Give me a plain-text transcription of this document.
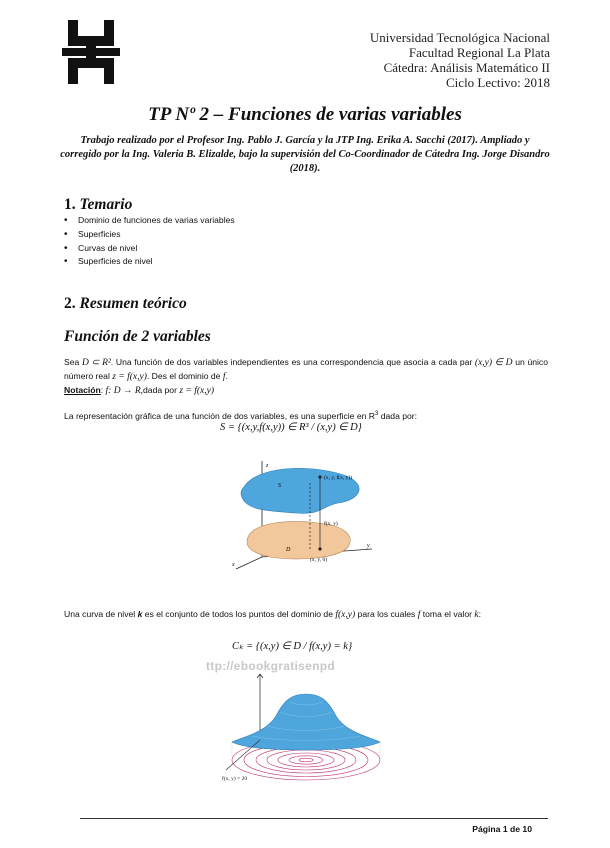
Universidad Tecnológica Nacional
Facultad Regional La Plata
Cátedra: Análisis Matemático II
Ciclo Lectivo: 2018
TP Nº 2 – Funciones de varias variables
Trabajo realizado por el Profesor Ing. Pablo J. García y la JTP Ing. Erika A. Sacchi (2017). Ampliado y corregido por la Ing. Valeria B. Elizalde, bajo la supervisión del Co-Coordinador de Cátedra Ing. Jorge Disandro (2018).
1. Temario
• Dominio de funciones de varias variables
• Superficies
• Curvas de nivel
• Superficies de nivel
2. Resumen teórico
Función de 2 variables
Sea D ⊂ R². Una función de dos variables independientes es una correspondencia que asocia a cada par (x,y) ∈ D un único número real z = f(x,y). Des el dominio de f.
Notación: f: D → R,dada por z = f(x,y)
La representación gráfica de una función de dos variables, es una superficie en $R^3$ dada por:
S = {(x,y,f(x,y)) ∈ R³ / (x,y) ∈ D}
z
y
x
S
(x, y, f(x, y))
f(x, y)
D
(x, y, 0)
Una curva de nivel k es el conjunto de todos los puntos del dominio de f(x,y) para los cuales f toma el valor k:
Cₖ = {(x,y) ∈ D / f(x,y) = k}
ttp://ebookgratisenpd
f(x, y) = 20
Página 1 de 10
